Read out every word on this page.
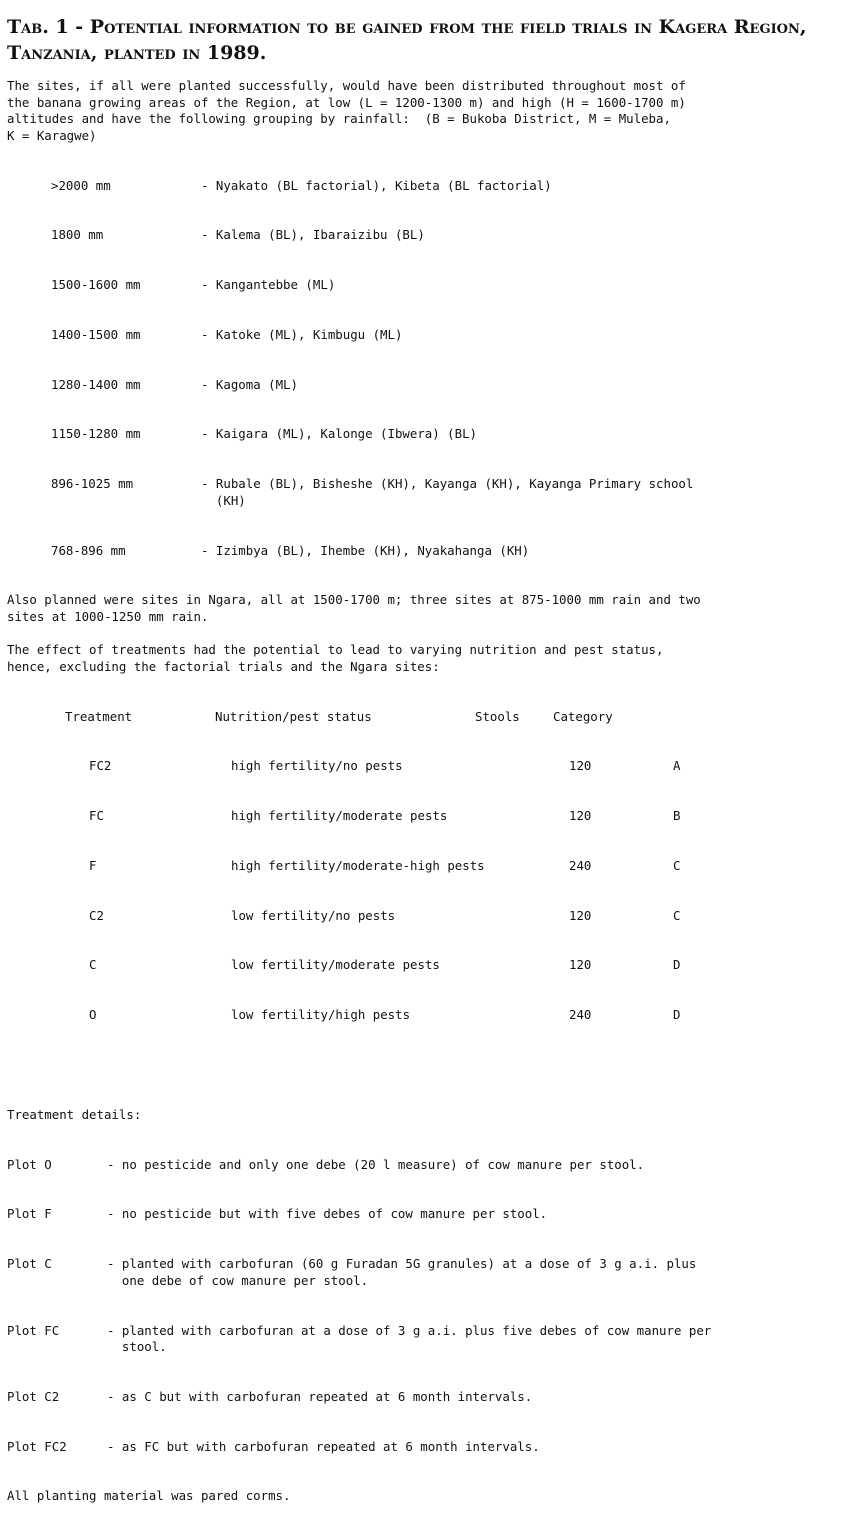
Tab. 1 - Potential information to be gained from the field trials in Kagera Region, Tanzania, planted in 1989.

The sites, if all were planted successfully, would have been distributed throughout most of
the banana growing areas of the Region, at low (L = 1200-1300 m) and high (H = 1600-1700 m)
altitudes and have the following grouping by rainfall:  (B = Bukoba District, M = Muleba,
K = Karagwe)

>2000 mm	- Nyakato (BL factorial), Kibeta (BL factorial)

1800 mm	- Kalema (BL), Ibaraizibu (BL)

1500-1600 mm	- Kangantebbe (ML)

1400-1500 mm	- Katoke (ML), Kimbugu (ML)

1280-1400 mm	- Kagoma (ML)

1150-1280 mm	- Kaigara (ML), Kalonge (Ibwera) (BL)

896-1025 mm	- Rubale (BL), Bisheshe (KH), Kayanga (KH), Kayanga Primary school
(KH)

768-896 mm	- Izimbya (BL), Ihembe (KH), Nyakahanga (KH)

Also planned were sites in Ngara, all at 1500-1700 m; three sites at 875-1000 mm rain and two
sites at 1000-1250 mm rain.

The effect of treatments had the potential to lead to varying nutrition and pest status,
hence, excluding the factorial trials and the Ngara sites:

Treatment	Nutrition/pest status	Stools	Category

FC2	high fertility/no pests	120	A

FC	high fertility/moderate pests	120	B

F	high fertility/moderate-high pests	240	C

C2	low fertility/no pests	120	C

C	low fertility/moderate pests	120	D

O	low fertility/high pests	240	D

Treatment details:

Plot O	- no pesticide and only one debe (20 l measure) of cow manure per stool.

Plot F	- no pesticide but with five debes of cow manure per stool.

Plot C	- planted with carbofuran (60 g Furadan 5G granules) at a dose of 3 g a.i. plus
one debe of cow manure per stool.

Plot FC	- planted with carbofuran at a dose of 3 g a.i. plus five debes of cow manure per
stool.

Plot C2	- as C but with carbofuran repeated at 6 month intervals.

Plot FC2	- as FC but with carbofuran repeated at 6 month intervals.

All planting material was pared corms.
